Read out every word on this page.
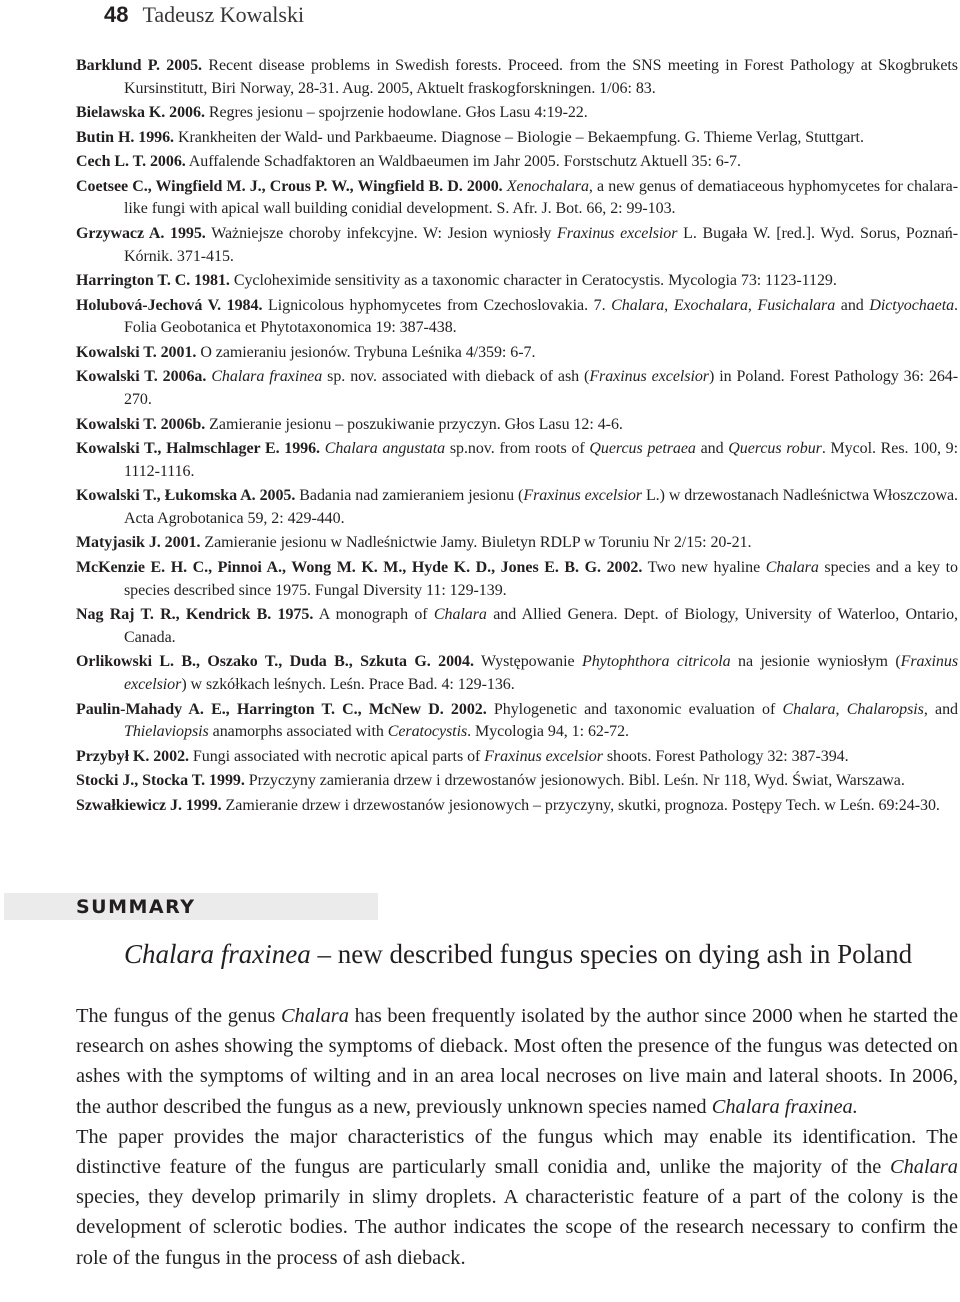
48 Tadeusz Kowalski

Barklund P. 2005. Recent disease problems in Swedish forests. Proceed. from the SNS meeting in Forest Pathology at Skogbrukets Kursinstitutt, Biri Norway, 28-31. Aug. 2005, Aktuelt fraskogforskningen. 1/06: 83.

Bielawska K. 2006. Regres jesionu – spojrzenie hodowlane. Głos Lasu 4:19-22.

Butin H. 1996. Krankheiten der Wald- und Parkbaeume. Diagnose – Biologie – Bekaempfung. G. Thieme Verlag, Stuttgart.

Cech L. T. 2006. Auffalende Schadfaktoren an Waldbaeumen im Jahr 2005. Forstschutz Aktuell 35: 6-7.

Coetsee C., Wingfield M. J., Crous P. W., Wingfield B. D. 2000. Xenochalara, a new genus of dematiaceous hyphomycetes for chalara-like fungi with apical wall building conidial development. S. Afr. J. Bot. 66, 2: 99-103.

Grzywacz A. 1995. Ważniejsze choroby infekcyjne. W: Jesion wyniosły Fraxinus excelsior L. Bugała W. [red.]. Wyd. Sorus, Poznań-Kórnik. 371-415.

Harrington T. C. 1981. Cycloheximide sensitivity as a taxonomic character in Ceratocystis. Mycologia 73: 1123-1129.

Holubová-Jechová V. 1984. Lignicolous hyphomycetes from Czechoslovakia. 7. Chalara, Exochalara, Fusichalara and Dictyochaeta. Folia Geobotanica et Phytotaxonomica 19: 387-438.

Kowalski T. 2001. O zamieraniu jesionów. Trybuna Leśnika 4/359: 6-7.

Kowalski T. 2006a. Chalara fraxinea sp. nov. associated with dieback of ash (Fraxinus excelsior) in Poland. Forest Pathology 36: 264-270.

Kowalski T. 2006b. Zamieranie jesionu – poszukiwanie przyczyn. Głos Lasu 12: 4-6.

Kowalski T., Halmschlager E. 1996. Chalara angustata sp.nov. from roots of Quercus petraea and Quercus robur. Mycol. Res. 100, 9: 1112-1116.

Kowalski T., Łukomska A. 2005. Badania nad zamieraniem jesionu (Fraxinus excelsior L.) w drzewostanach Nadleśnictwa Włoszczowa. Acta Agrobotanica 59, 2: 429-440.

Matyjasik J. 2001. Zamieranie jesionu w Nadleśnictwie Jamy. Biuletyn RDLP w Toruniu Nr 2/15: 20-21.

McKenzie E. H. C., Pinnoi A., Wong M. K. M., Hyde K. D., Jones E. B. G. 2002. Two new hyaline Chalara species and a key to species described since 1975. Fungal Diversity 11: 129-139.

Nag Raj T. R., Kendrick B. 1975. A monograph of Chalara and Allied Genera. Dept. of Biology, University of Waterloo, Ontario, Canada.

Orlikowski L. B., Oszako T., Duda B., Szkuta G. 2004. Występowanie Phytophthora citricola na jesionie wyniosłym (Fraxinus excelsior) w szkółkach leśnych. Leśn. Prace Bad. 4: 129-136.

Paulin-Mahady A. E., Harrington T. C., McNew D. 2002. Phylogenetic and taxonomic evaluation of Chalara, Chalaropsis, and Thielaviopsis anamorphs associated with Ceratocystis. Mycologia 94, 1: 62-72.

Przybył K. 2002. Fungi associated with necrotic apical parts of Fraxinus excelsior shoots. Forest Pathology 32: 387-394.

Stocki J., Stocka T. 1999. Przyczyny zamierania drzew i drzewostanów jesionowych. Bibl. Leśn. Nr 118, Wyd. Świat, Warszawa.

Szwałkiewicz J. 1999. Zamieranie drzew i drzewostanów jesionowych – przyczyny, skutki, prognoza. Postępy Tech. w Leśn. 69:24-30.

SUMMARY
Chalara fraxinea – new described fungus species on dying ash in Poland

The fungus of the genus Chalara has been frequently isolated by the author since 2000 when he started the research on ashes showing the symptoms of dieback. Most often the presence of the fungus was detected on ashes with the symptoms of wilting and in an area local necroses on live main and lateral shoots. In 2006, the author described the fungus as a new, previously unknown species named Chalara fraxinea.

The paper provides the major characteristics of the fungus which may enable its identification. The distinctive feature of the fungus are particularly small conidia and, unlike the majority of the Chalara species, they develop primarily in slimy droplets. A characteristic feature of a part of the colony is the development of sclerotic bodies. The author indicates the scope of the research necessary to confirm the role of the fungus in the process of ash dieback.
